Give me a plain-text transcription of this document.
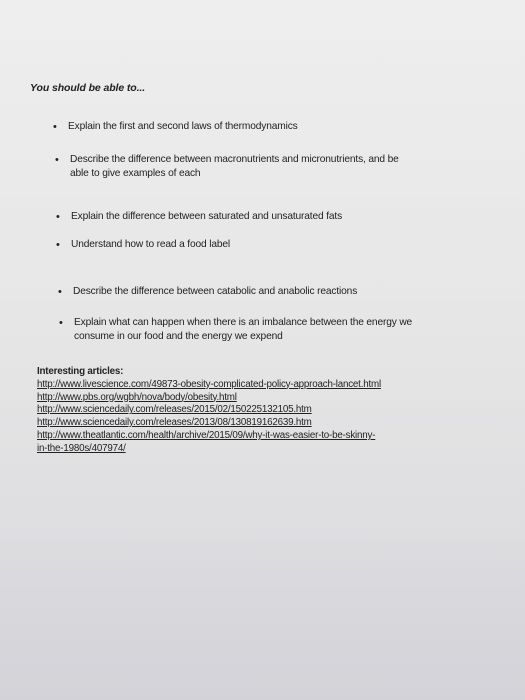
You should be able to...
• Explain the first and second laws of thermodynamics
• Describe the difference between macronutrients and micronutrients, and be
able to give examples of each
• Explain the difference between saturated and unsaturated fats
• Understand how to read a food label
• Describe the difference between catabolic and anabolic reactions
• Explain what can happen when there is an imbalance between the energy we
consume in our food and the energy we expend
Interesting articles:
http://www.livescience.com/49873-obesity-complicated-policy-approach-lancet.html
http://www.pbs.org/wgbh/nova/body/obesity.html
http://www.sciencedaily.com/releases/2015/02/150225132105.htm
http://www.sciencedaily.com/releases/2013/08/130819162639.htm
http://www.theatlantic.com/health/archive/2015/09/why-it-was-easier-to-be-skinny-
in-the-1980s/407974/
